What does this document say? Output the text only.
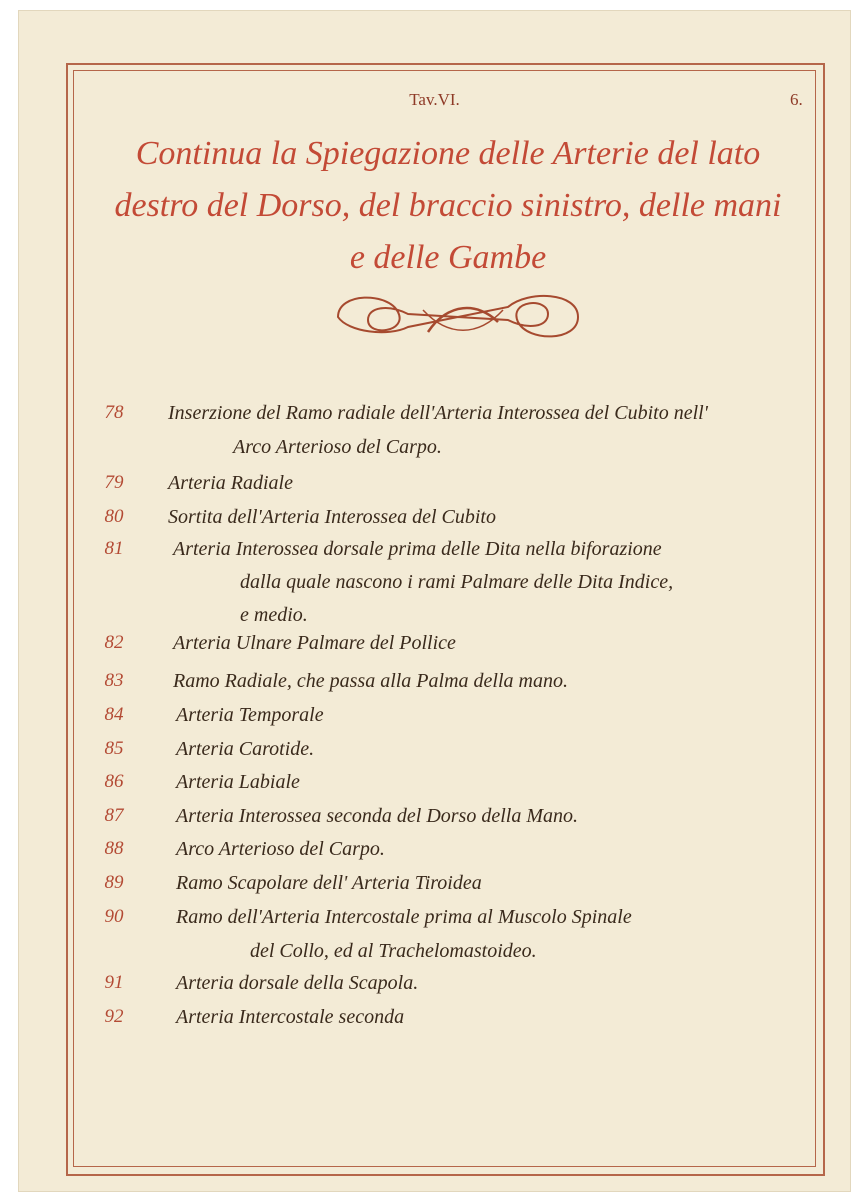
Tav.VI.	6.
Continua la Spiegazione delle Arterie del lato
destro del Dorso, del braccio sinistro, delle mani
e delle Gambe
78	Inserzione del Ramo radiale dell'Arteria Interossea del Cubito nell'
Arco Arterioso del Carpo.
79	Arteria Radiale
80	Sortita dell'Arteria Interossea del Cubito
81	Arteria Interossea dorsale prima delle Dita nella biforazione
dalla quale nascono i rami Palmare delle Dita Indice,
e medio.
82	Arteria Ulnare Palmare del Pollice
83	Ramo Radiale, che passa alla Palma della mano.
84	Arteria Temporale
85	Arteria Carotide.
86	Arteria Labiale
87	Arteria Interossea seconda del Dorso della Mano.
88	Arco Arterioso del Carpo.
89	Ramo Scapolare dell' Arteria Tiroidea
90	Ramo dell'Arteria Intercostale prima al Muscolo Spinale
del Collo, ed al Trachelomastoideo.
91	Arteria dorsale della Scapola.
92	Arteria Intercostale seconda
